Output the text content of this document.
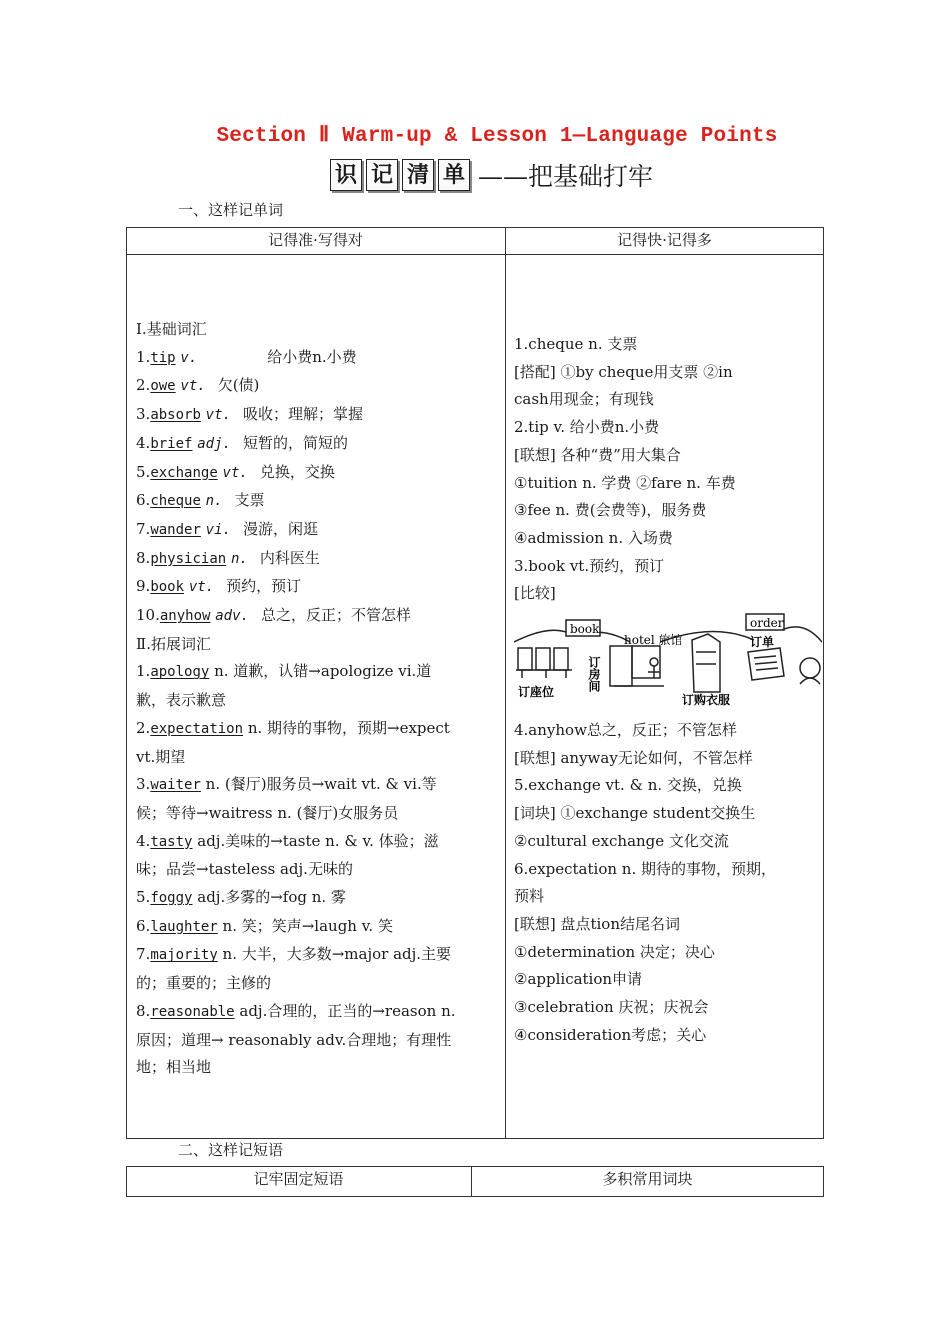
Section Ⅱ Warm-up & Lesson 1—Language Points
识 记 清 单 ——把基础打牢
一、这样记单词
记得准·写得对	记得快·记得多
Ⅰ.基础词汇
1.tip v.	给小费n.小费
2.owe vt. 欠(债)
3.absorb vt. 吸收；理解；掌握
4.brief adj. 短暂的，简短的
5.exchange vt. 兑换，交换
6.cheque n. 支票
7.wander vi. 漫游，闲逛
8.physician n. 内科医生
9.book vt. 预约，预订
10.anyhow adv. 总之，反正；不管怎样
Ⅱ.拓展词汇
1.apology n. 道歉，认错→apologize vi.道
歉，表示歉意
2.expectation n. 期待的事物，预期→expect
vt.期望
3.waiter n. (餐厅)服务员→wait vt. & vi.等
候；等待→waitress n. (餐厅)女服务员
4.tasty adj.美味的→taste n. & v. 体验；滋
味；品尝→tasteless adj.无味的
5.foggy adj.多雾的→fog n. 雾
6.laughter n. 笑；笑声→laugh v. 笑
7.majority n. 大半，大多数→major adj.主要
的；重要的；主修的
8.reasonable adj.合理的，正当的→reason n.
原因；道理→ reasonably adv.合理地；有理性
地；相当地
1.cheque n. 支票
[搭配] ①by cheque用支票 ②in
cash用现金；有现钱
2.tip v. 给小费n.小费
[联想] 各种“费”用大集合
①tuition n. 学费 ②fare n. 车费
③fee n. 费(会费等)，服务费
④admission n. 入场费
3.book vt.预约，预订
[比较]
book
hotel 旅馆
order
订座位
订购衣服
订单
订房间
4.anyhow总之，反正；不管怎样
[联想] anyway无论如何，不管怎样
5.exchange vt. & n. 交换，兑换
[词块] ①exchange student交换生
②cultural exchange 文化交流
6.expectation n. 期待的事物，预期，
预料
[联想] 盘点tion结尾名词
①determination 决定；决心
②application申请
③celebration 庆祝；庆祝会
④consideration考虑；关心
二、这样记短语
记牢固定短语	多积常用词块
